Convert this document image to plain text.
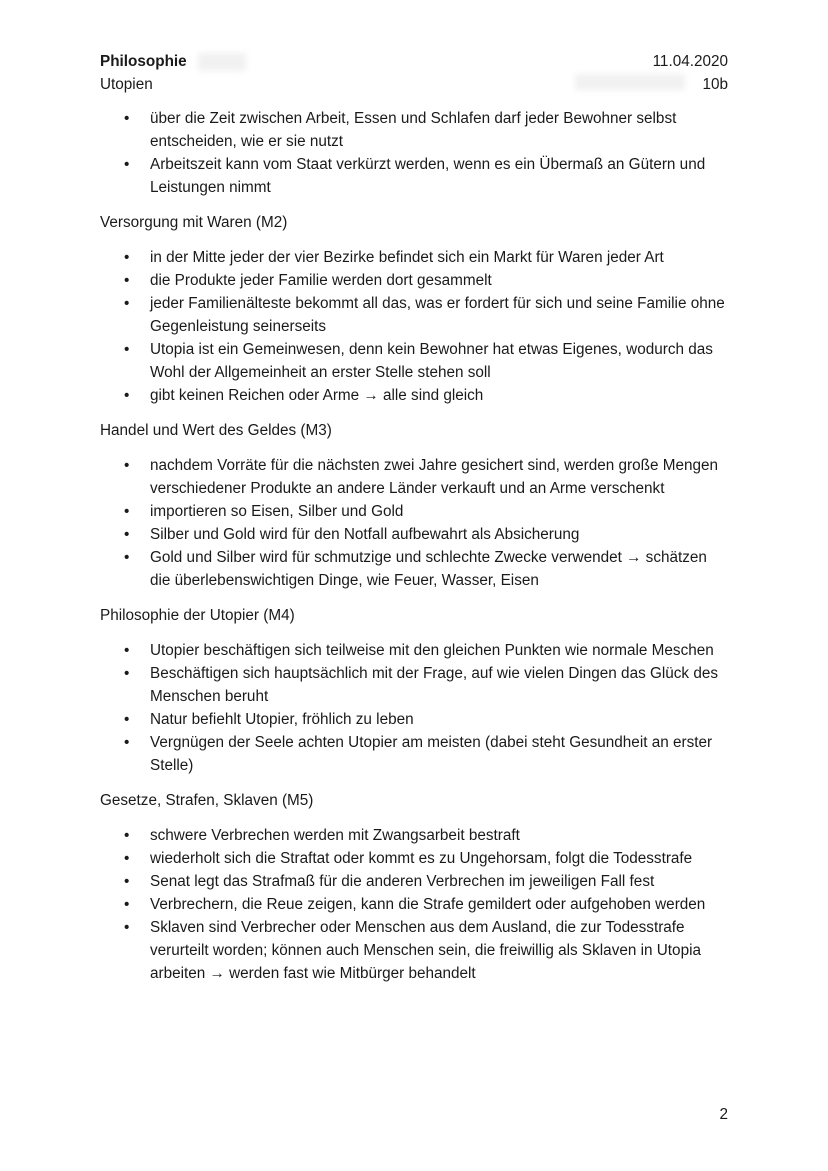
Philosophie
Utopien
11.04.2020
10b
• über die Zeit zwischen Arbeit, Essen und Schlafen darf jeder Bewohner selbst entscheiden, wie er sie nutzt
• Arbeitszeit kann vom Staat verkürzt werden, wenn es ein Übermaß an Gütern und Leistungen nimmt
Versorgung mit Waren (M2)
• in der Mitte jeder der vier Bezirke befindet sich ein Markt für Waren jeder Art
• die Produkte jeder Familie werden dort gesammelt
• jeder Familienälteste bekommt all das, was er fordert für sich und seine Familie ohne Gegenleistung seinerseits
• Utopia ist ein Gemeinwesen, denn kein Bewohner hat etwas Eigenes, wodurch das Wohl der Allgemeinheit an erster Stelle stehen soll
• gibt keinen Reichen oder Arme → alle sind gleich
Handel und Wert des Geldes (M3)
• nachdem Vorräte für die nächsten zwei Jahre gesichert sind, werden große Mengen verschiedener Produkte an andere Länder verkauft und an Arme verschenkt
• importieren so Eisen, Silber und Gold
• Silber und Gold wird für den Notfall aufbewahrt als Absicherung
• Gold und Silber wird für schmutzige und schlechte Zwecke verwendet → schätzen die überlebenswichtigen Dinge, wie Feuer, Wasser, Eisen
Philosophie der Utopier (M4)
• Utopier beschäftigen sich teilweise mit den gleichen Punkten wie normale Meschen
• Beschäftigen sich hauptsächlich mit der Frage, auf wie vielen Dingen das Glück des Menschen beruht
• Natur befiehlt Utopier, fröhlich zu leben
• Vergnügen der Seele achten Utopier am meisten (dabei steht Gesundheit an erster Stelle)
Gesetze, Strafen, Sklaven (M5)
• schwere Verbrechen werden mit Zwangsarbeit bestraft
• wiederholt sich die Straftat oder kommt es zu Ungehorsam, folgt die Todesstrafe
• Senat legt das Strafmaß für die anderen Verbrechen im jeweiligen Fall fest
• Verbrechern, die Reue zeigen, kann die Strafe gemildert oder aufgehoben werden
• Sklaven sind Verbrecher oder Menschen aus dem Ausland, die zur Todesstrafe verurteilt worden; können auch Menschen sein, die freiwillig als Sklaven in Utopia arbeiten → werden fast wie Mitbürger behandelt
2
